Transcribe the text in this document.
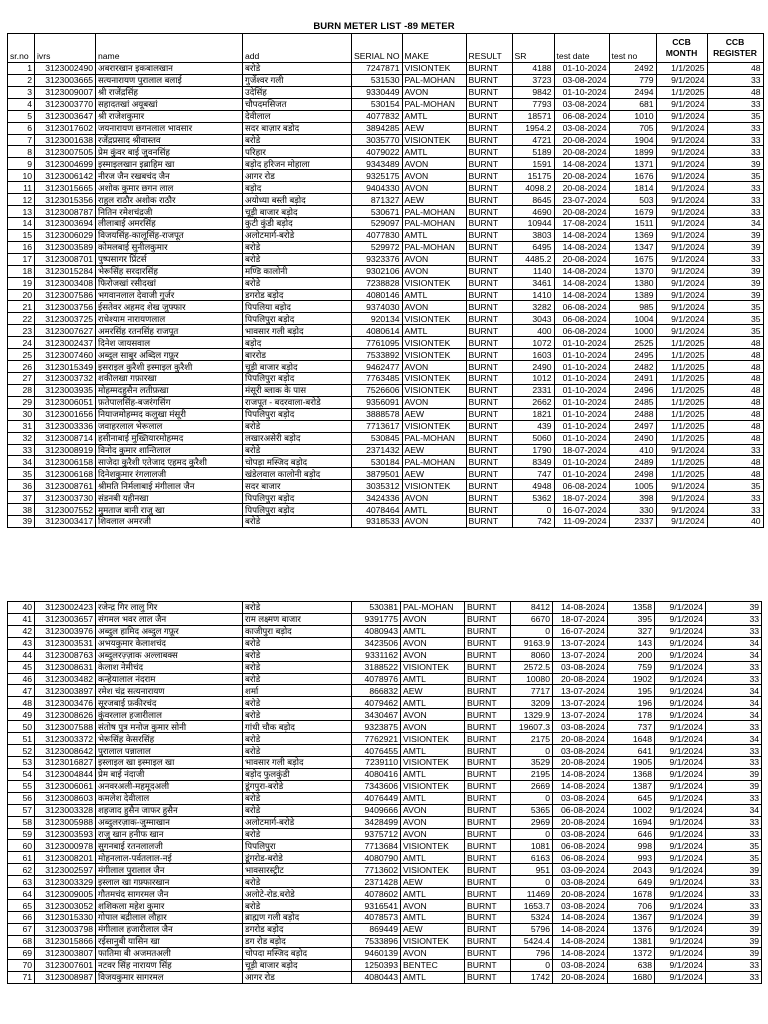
BURN METER LIST -89 METER
sr.no	ivrs	name	add	SERIAL NO	MAKE	RESULT	SR	test date	test no	CCB MONTH	CCB REGISTER
1	3123002490	अबरारखान इकबालखान	बरोडे	7247871	VISIONTEK	BURNT	4188	01-10-2024	2492	1/1/2025	48
2	3123003665	सत्यनारायण पुरालाल बलाई	गुर्जेश्वर गली	531530	PAL-MOHAN	BURNT	3723	03-08-2024	779	9/1/2024	33
3	3123009007	श्री राजेंद्रसिंह	उदेसिंह	9330449	AVON	BURNT	9842	01-10-2024	2494	1/1/2025	48
4	3123003770	सहादतखां अयूबखां	चौपदमसिजत	530154	PAL-MOHAN	BURNT	7793	03-08-2024	681	9/1/2024	33
5	3123003647	श्री राजेशकुमार	देवीलाल	4077832	AMTL	BURNT	18571	06-08-2024	1010	9/1/2024	35
6	3123017602	जयनारायण छगनलाल भावसार	सदर बाज़ार बडोद	3894285	AEW	BURNT	1954.2	03-08-2024	705	9/1/2024	33
7	3123001638	रजेंद्रप्रसाद श्रीवास्तव	बरोडे	3035770	VISIONTEK	BURNT	4721	20-08-2024	1904	9/1/2024	33
8	3123007505	प्रेम कुंवर बाई जुवनसिंह	परिहार	4079022	AMTL	BURNT	5189	20-08-2024	1899	9/1/2024	33
9	3123004699	इस्माइलखान इब्राहिम खा	बड़ोद हरिजन मोहाला	9343489	AVON	BURNT	1591	14-08-2024	1371	9/1/2024	39
10	3123006142	नीरज जैन रखबचंद जैन	आगर रोड	9325175	AVON	BURNT	15175	20-08-2024	1676	9/1/2024	35
11	3123015665	अशोक कुमार छगन लाल	बड़ोद	9404330	AVON	BURNT	4098.2	20-08-2024	1814	9/1/2024	33
12	3123015356	राहुल राठौर अशोक राठौर	अयोध्या बस्ती बड़ोद	871327	AEW	BURNT	8645	23-07-2024	503	9/1/2024	33
13	3123008787	नितिन रमेशचंद्रजी	चूड़ी बाजार बड़ोद	530671	PAL-MOHAN	BURNT	4690	20-08-2024	1679	9/1/2024	33
14	3123003694	लीलाबाई अमरसिंह	कुटी कुंडी बड़ोद	529097	PAL-MOHAN	BURNT	10944	17-08-2024	1511	9/1/2024	34
15	3123006029	विजयसिंह-कालूसिंह-राजपूत	अलोटमार्ग-बरोडे	4077830	AMTL	BURNT	3803	14-08-2024	1369	9/1/2024	39
16	3123003589	कोमलबाई सुनीलकुमार	बरोडे	529972	PAL-MOHAN	BURNT	6495	14-08-2024	1347	9/1/2024	39
17	3123008701	पुष्पसागर प्रिंटर्स	बरोडे	9323376	AVON	BURNT	4485.2	20-08-2024	1675	9/1/2024	33
18	3123015284	भेरूसिंह सरदारसिंह	मण्डि कालोनी	9302106	AVON	BURNT	1140	14-08-2024	1370	9/1/2024	39
19	3123003408	फिरोजखां रसीदखां	बरोडे	7238828	VISIONTEK	BURNT	3461	14-08-2024	1380	9/1/2024	39
20	3123007586	भगवानलाल देवाजी गुर्जर	डगरोड बड़ोद	4080146	AMTL	BURNT	1410	14-08-2024	1389	9/1/2024	39
21	3123003756	ईसतेवर अहमद शेख जुफ्फार	पिपलिया बड़ोद	9374030	AVON	BURNT	3282	06-08-2024	985	9/1/2024	35
22	3123003725	राधेश्याम नारायणलाल	पिपलिपुरा बड़ोद	920134	VISIONTEK	BURNT	3043	06-08-2024	1004	9/1/2024	35
23	3123007627	अमरसिंह रतनसिंह राजपूत	भावसार गली बड़ोद	4080614	AMTL	BURNT	400	06-08-2024	1000	9/1/2024	35
24	3123002437	दिनेश जायसवाल	बड़ोद	7761095	VISIONTEK	BURNT	1072	01-10-2024	2525	1/1/2025	48
25	3123007460	अब्दुल साबुर अब्दिल गफ़ूर	बाररोड	7533892	VISIONTEK	BURNT	1603	01-10-2024	2495	1/1/2025	48
26	3123015349	इसराइल कुरैशी इस्माइल कुरैशी	चूड़ी बाजार बड़ोद	9462477	AVON	BURNT	2490	01-10-2024	2482	1/1/2025	48
27	3123003732	शकीलखा गफ़ारखा	पिपलिपुरा बड़ोद	7763485	VISIONTEK	BURNT	1012	01-10-2024	2491	1/1/2025	48
28	3123003935	मोहम्मदहुसैन लतीफ़खा	मंसूरी ब्लाक के पास	7526606	VISIONTEK	BURNT	2331	01-10-2024	2496	1/1/2025	48
29	3123006051	फ़तेपालसिंह-बजरंगसिंग	राजपूत - बदरवाला-बरोडे	9356091	AVON	BURNT	2662	01-10-2024	2485	1/1/2025	48
30	3123001656	नियाजमोहम्मद कलुखा मंसूरी	पिपलिपुरा बड़ोद	3888578	AEW	BURNT	1821	01-10-2024	2488	1/1/2025	48
31	3123003336	जवाहरलाल भेरूलाल	बरोडे	7713617	VISIONTEK	BURNT	439	01-10-2024	2497	1/1/2025	48
32	3123008714	हसीनाबाई मुख्तियारमोहम्मद	लखारअसेरी बड़ोद	530845	PAL-MOHAN	BURNT	5060	01-10-2024	2490	1/1/2025	48
33	3123008919	विनोद कुमार शान्तिलाल	बरोडे	2371432	AEW	BURNT	1790	18-07-2024	410	9/1/2024	33
34	3123006158	साजेदा कुरैशी एतेजाद एहमद कुरैशी	चोपड़ा मस्जिद बड़ोद	530184	PAL-MOHAN	BURNT	8349	01-10-2024	2489	1/1/2025	48
35	3123006168	दिनेशकुमार रंगलालजी	खंडेलवाल कालोनी बड़ोद	3879501	AEW	BURNT	747	01-10-2024	2498	1/1/2025	48
36	3123008761	श्रीमति निर्मलाबाई मंगीलाल जैन	सदर बाजार	3035312	VISIONTEK	BURNT	4948	06-08-2024	1005	9/1/2024	35
37	3123003730	संडनबी यहीनखा	पिपलिपुरा बड़ोद	3424336	AVON	BURNT	5362	18-07-2024	398	9/1/2024	33
38	3123007552	मुमताज बानी राजु खा	पिपलिपुरा बड़ोद	4078464	AMTL	BURNT	0	16-07-2024	330	9/1/2024	33
39	3123003417	शिवलाल अमरजी	बरोडे	9318533	AVON	BURNT	742	11-09-2024	2337	9/1/2024	40
40	3123002423	रजेन्द्र गिर लालु गिर	बरोडे	530381	PAL-MOHAN	BURNT	8412	14-08-2024	1358	9/1/2024	39
41	3123003657	संगमल भवर लाल जैन	राम लक्ष्मण बाजार	9391775	AVON	BURNT	6670	18-07-2024	395	9/1/2024	33
42	3123003976	अब्दुल हामिद अब्दुल गफ़ूर	काजीपुरा बड़ोद	4080943	AMTL	BURNT	0	16-07-2024	327	9/1/2024	33
43	3123003531	अभयकुमार केलाशचंद	बरोडे	3423506	AVON	BURNT	9163.9	13-07-2024	143	9/1/2024	34
44	3123008763	अब्दुलरज़्ज़ाक अल्लाबक्स	बरोडे	9331162	AVON	BURNT	8060	13-07-2024	200	9/1/2024	34
45	3123008631	केलाश नेमीचंद	बरोडे	3188522	VISIONTEK	BURNT	2572.5	03-08-2024	759	9/1/2024	33
46	3123003482	कन्हेयालाल नंदराम	बरोडे	4078976	AMTL	BURNT	10080	20-08-2024	1902	9/1/2024	33
47	3123003897	रमेश चंद्र सत्यनारायण	शर्मा	866832	AEW	BURNT	7717	13-07-2024	195	9/1/2024	34
48	3123003476	सूरजबाई फ़कीरचंद	बरोडे	4079462	AMTL	BURNT	3209	13-07-2024	196	9/1/2024	34
49	3123008626	कुंवरलाल हजारीलाल	बरोडे	3430467	AVON	BURNT	1329.9	13-07-2024	178	9/1/2024	34
50	3123007588	संतोष पुत्र मनोज कुमार सोनी	गांधी चौक बड़ोद	9323875	AVON	BURNT	19607.3	03-08-2024	737	9/1/2024	33
51	3123003372	भेरूसिंह केसरसिंह	बरोडे	7762921	VISIONTEK	BURNT	2175	20-08-2024	1648	9/1/2024	34
52	3123008642	पुरालाल पन्नालाल	बरोडे	4076455	AMTL	BURNT	0	03-08-2024	641	9/1/2024	33
53	3123016827	इस्लाइल खा इस्माइल खा	भावसार गली बड़ोद	7239110	VISIONTEK	BURNT	3529	20-08-2024	1905	9/1/2024	33
54	3123004844	प्रेम बाई नंदाजी	बड़ोद फुलकुंडी	4080416	AMTL	BURNT	2195	14-08-2024	1368	9/1/2024	39
55	3123006061	अनवरअली-महमूदअली	डूंगपुरा-बरोडे	7343606	VISIONTEK	BURNT	2669	14-08-2024	1387	9/1/2024	39
56	3123008603	कमलेश देवीलाल	बरोडे	4076449	AMTL	BURNT	0	03-08-2024	645	9/1/2024	33
57	3123003328	शहजाद हुसैन जाफर हुसैन	बरोडे	9409666	AVON	BURNT	5365	06-08-2024	1002	9/1/2024	34
58	3123005988	अब्दुलरज़ाक-जुम्माखान	अलोटमार्ग-बरोडे	3428499	AVON	BURNT	2969	20-08-2024	1694	9/1/2024	33
59	3123003593	राजु खान हनीफ खान	बरोडे	9375712	AVON	BURNT	0	03-08-2024	646	9/1/2024	33
60	3123000978	सुगनबाई रतनलालजी	पिपलिपुरा	7713684	VISIONTEK	BURNT	1081	06-08-2024	998	9/1/2024	35
61	3123008201	मोहनलाल-पर्वतलाल-नई	डूंगरोड-बरोडे	4080790	AMTL	BURNT	6163	06-08-2024	993	9/1/2024	35
62	3123002597	मंगीलाल पुरालाल जैन	भावसारस्ट्रीट	7713602	VISIONTEK	BURNT	951	03-09-2024	2043	9/1/2024	39
63	3123003329	इस्लाल खा गफ़्फारखान	बरोडे	2371428	AEW	BURNT	0	03-08-2024	649	9/1/2024	33
64	3123009005	गौतमचंद सागरमल जैन	अलोटे-रोड.बरोडे	4078602	AMTL	BURNT	11469	20-08-2024	1678	9/1/2024	33
65	3123003052	शशिकला महेश कुमार	बरोडे	9316541	AVON	BURNT	1653.7	03-08-2024	706	9/1/2024	33
66	3123015330	गोपाल बद्रीलाल लौहार	ब्राह्मण गली बड़ोद	4078573	AMTL	BURNT	5324	14-08-2024	1367	9/1/2024	39
67	3123003798	मंगीलाल हजारीलाल जैन	डगरोड बड़ोद	869449	AEW	BURNT	5796	14-08-2024	1376	9/1/2024	39
68	3123015866	रईसानुबी यासिन खा	डग रोड बड़ोद	7533896	VISIONTEK	BURNT	5424.4	14-08-2024	1381	9/1/2024	39
69	3123003807	फातिमा बी अजमतअली	चोपदा मस्जिद बड़ोद	9460139	AVON	BURNT	796	14-08-2024	1372	9/1/2024	39
70	3123007601	नटवर सिंह नारायण सिंह	चूड़ी बाजार बड़ोद	1250393	BENTEC	BURNT	0	03-08-2024	638	9/1/2024	33
71	3123008987	विजयकुमार सागरमल	आगर रोड	4080443	AMTL	BURNT	1742	20-08-2024	1680	9/1/2024	33
